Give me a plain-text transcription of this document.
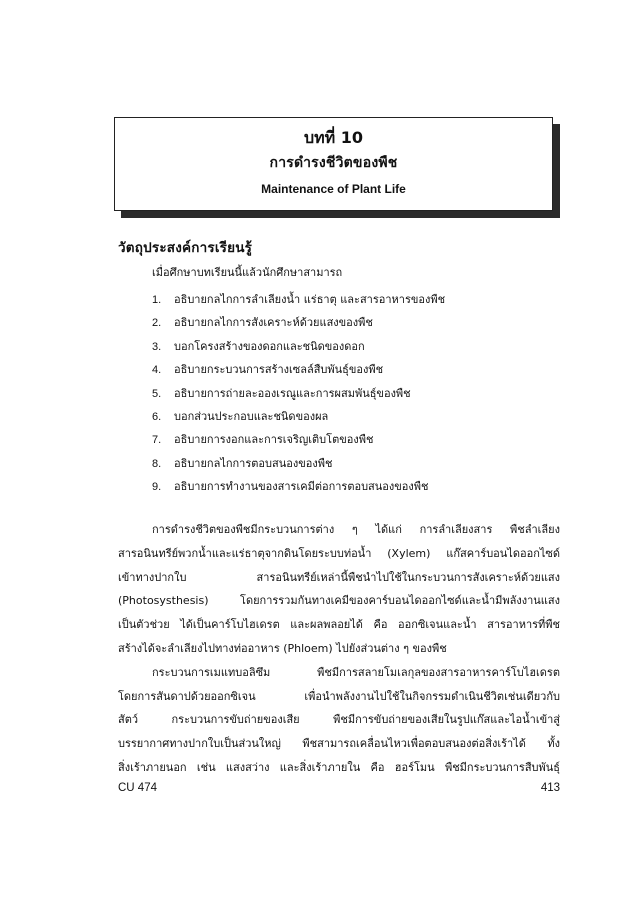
บทที่ 10
การดำรงชีวิตของพืช
Maintenance of Plant Life
วัตถุประสงค์การเรียนรู้
เมื่อศึกษาบทเรียนนี้แล้วนักศึกษาสามารถ
1. อธิบายกลไกการลำเลียงน้ำ แร่ธาตุ และสารอาหารของพืช
2. อธิบายกลไกการสังเคราะห์ด้วยแสงของพืช
3. บอกโครงสร้างของดอกและชนิดของดอก
4. อธิบายกระบวนการสร้างเซลล์สืบพันธุ์ของพืช
5. อธิบายการถ่ายละอองเรณูและการผสมพันธุ์ของพืช
6. บอกส่วนประกอบและชนิดของผล
7. อธิบายการงอกและการเจริญเติบโตของพืช
8. อธิบายกลไกการตอบสนองของพืช
9. อธิบายการทำงานของสารเคมีต่อการตอบสนองของพืช

การดำรงชีวิตของพืชมีกระบวนการต่าง ๆ ได้แก่ การลำเลียงสาร พืชลำเลียง

สารอนินทรีย์พวกน้ำและแร่ธาตุจากดินโดยระบบท่อน้ำ (Xylem) แก๊สคาร์บอนไดออกไซด์

เข้าทางปากใบ สารอนินทรีย์เหล่านี้พืชนำไปใช้ในกระบวนการสังเคราะห์ด้วยแสง

(Photosysthesis) โดยการรวมกันทางเคมีของคาร์บอนไดออกไซด์และน้ำมีพลังงานแสง

เป็นตัวช่วย ได้เป็นคาร์โบไฮเดรต และผลพลอยได้ คือ ออกซิเจนและน้ำ สารอาหารที่พืช

สร้างได้จะลำเลียงไปทางท่ออาหาร (Phloem) ไปยังส่วนต่าง ๆ ของพืช

กระบวนการเมแทบอลิซึม พืชมีการสลายโมเลกุลของสารอาหารคาร์โบไฮเดรต

โดยการสันดาปด้วยออกซิเจน เพื่อนำพลังงานไปใช้ในกิจกรรมดำเนินชีวิตเช่นเดียวกับ

สัตว์ กระบวนการขับถ่ายของเสีย พืชมีการขับถ่ายของเสียในรูปแก๊สและไอน้ำเข้าสู่

บรรยากาศทางปากใบเป็นส่วนใหญ่ พืชสามารถเคลื่อนไหวเพื่อตอบสนองต่อสิ่งเร้าได้ ทั้ง

สิ่งเร้าภายนอก เช่น แสงสว่าง และสิ่งเร้าภายใน คือ ฮอร์โมน พืชมีกระบวนการสืบพันธุ์

CU 474	413
